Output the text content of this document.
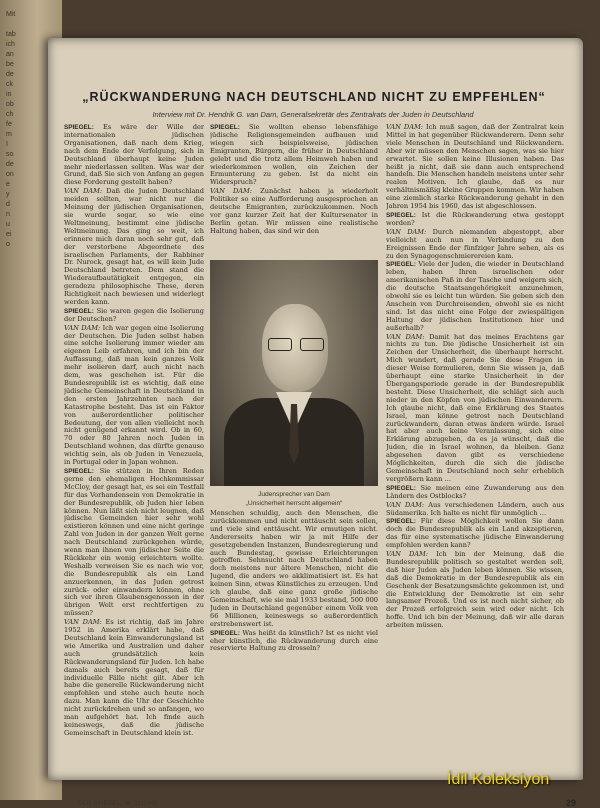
Mit

tab
ich
an
be
de
ck
in
ob
ch
fe
m
I
so
de
on
e
y
d
n
u
ei
o
„RÜCKWANDERUNG NACH DEUTSCHLAND NICHT ZU EMPFEHLEN“
Interview mit Dr. Hendrik G. van Dam, Generalsekretär des Zentralrats der Juden in Deutschland

SPIEGEL: Es wäre der Wille der internationalen jüdischen Organisationen, daß nach dem Krieg, nach dem Ende der Verfolgung, sich in Deutschland überhaupt keine Juden mehr niederlassen sollten. Was war der Grund, daß Sie sich von Anfang an gegen diese Forderung gestellt haben?

VAN DAM: Daß die Juden Deutschland meiden sollten, war nicht nur die Meinung der jüdischen Organisationen, sie wurde sogar, so wie eine Weltmeinung, bestimmt eine jüdische Weltmeinung. Das ging so weit, ich erinnere mich daran noch sehr gut, daß der verstorbene Abgeordnete des israelischen Parlaments, der Rabbiner Dr. Nurock, gesagt hat, es will kein Jude Deutschland betreten. Dem stand die Wiederaufbautätigkeit entgegen, ein geradezu philosophische These, deren Richtigkeit nach bewiesen und widerlegt werden kann.

SPIEGEL: Sie waren gegen die Isolierung der Deutschen?

VAN DAM: Ich war gegen eine Isolierung der Deutschen. Die Juden selbst haben eine solche Isolierung immer wieder am eigenen Leib erfahren, und ich bin der Auffassung, daß man kein ganzes Volk mehr isolieren darf, auch nicht nach dem, was geschehen ist. Für die Bundesrepublik ist es wichtig, daß eine jüdische Gemeinschaft in Deutschland in den ersten Jahrzehnten nach der Katastrophe besteht. Das ist ein Faktor von außerordentlicher politischer Bedeutung, der von allen vielleicht noch nicht genügend erkannt wird. Ob in 60, 70 oder 80 Jahren noch Juden in Deutschland wohnen, das dürfte genauso wichtig sein, als ob Juden in Venezuela, in Portugal oder in Japan wohnen.

SPIEGEL: Sie stützen in Ihren Reden gerne den ehemaligen Hochkommissar McCloy, der gesagt hat, es sei ein Testfall für das Vorhandensein von Demokratie in der Bundesrepublik, ob Juden hier leben können. Nun läßt sich nicht leugnen, daß jüdische Gemeinden hier sehr wohl existieren können und eine nicht geringe Zahl von Juden in der ganzen Welt gerne nach Deutschland zurückgehen würde, wenn man ihnen von jüdischer Seite die Rückkehr ein wenig erleichtern wollte. Weshalb verweisen Sie es nach wie vor, die Bundesrepublik als ein Land anzuerkennen, in das Juden getrost zurück- oder einwandern können, ohne sich vor ihren Glaubensgenossen in der übrigen Welt erst rechtfertigen zu müssen?

VAN DAM: Es ist richtig, daß im Jahre 1952 in Amerika erklärt habe, daß Deutschland kein Einwanderungsland ist wie Amerika und Australien und daher auch grundsätzlich kein Rückwanderungsland für Juden. Ich habe damals auch bereits gesagt, daß für individuelle Fälle nicht gilt. Aber ich habe die generelle Rückwanderung nicht empfohlen und stehe auch heute noch dazu. Man kann die Uhr der Geschichte nicht zurückdrehen und so anfangen, wo man aufgehört hat. Ich finde auch keineswegs, daß die jüdische Gemeinschaft in Deutschland klein ist.

SPIEGEL: Sie wollten ebenso lebensfähige jüdische Religionsgemeinden aufbauen und wiegen sich beispielsweise, jüdischen Emigranten, Bürgern, die früher in Deutschland gelebt und die trotz allem Heimweh haben und wiederkommen wollen, ein Zeichen der Ermunterung zu geben. Ist da nicht ein Widerspruch?

VAN DAM: Zunächst haben ja wiederholt Politiker so eine Aufforderung ausgesprochen an deutsche Emigranten, zurückzukommen. Noch vor ganz kurzer Zeit hat der Kultursenator in Berlin getan. Wir müssen eine realistische Haltung haben, das sind wir den

Menschen schuldig, auch den Menschen, die zurückkommen und nicht enttäuscht sein sollen, und viele sind enttäuscht. Wir ermutigen nicht. Andererseits haben wir ja mit Hilfe der gesetzgebenden Instanzen, Bundesregierung und auch Bundestag, gewisse Erleichterungen getroffen. Sehnsucht nach Deutschland haben doch meistens nur ältere Menschen, nicht die Jugend, die anders wo akklimatisiert ist. Es hat keinen Sinn, etwas Künstliches zu erzeugen. Und ich glaube, daß eine ganz große jüdische Gemeinschaft, wie sie mal 1933 bestand, 500 000 Juden in Deutschland gegenüber einem Volk von 66 Millionen, keineswegs so außerordentlich erstrebenswert ist.

SPIEGEL: Was heißt da künstlich? Ist es nicht viel eher künstlich, die Rückwanderung durch eine reservierte Haltung zu drosseln?

VAN DAM: Ich muß sagen, daß der Zentralrat kein Mittel in hat gegenüber Rückwanderern. Denn sehr viele Menschen in Deutschland und Rückwandern. Aber wir müssen den Menschen sagen, was sie hier erwartet. Sie sollen keine Illusionen haben. Das heißt ja nicht, daß sie dann auch entsprechend handeln. Die Menschen handeln meistens unter sehr realen Motiven. Ich glaube, daß es nur verhältnismäßig kleine Gruppen kommen. Wir haben eine ziemlich starke Rückwanderung gehabt in den Jahren 1954 bis 1960, das ist abgeschlossen.

SPIEGEL: Ist die Rückwanderung etwa gestoppt worden?

VAN DAM: Durch niemanden abgestoppt, aber vielleicht auch nun in Verbindung zu den Ereignissen Ende der fünfziger Jahre sehen, als es zu den Synagogenschmierereien kam.

SPIEGEL: Viele der Juden, die wieder in Deutschland leben, haben Ihren israelischen oder amerikanischen Paß in der Tasche und weigern sich, die deutsche Staatsangehörigkeit anzunehmen, obwohl sie es leicht tun würden. Sie geben sich den Anschein von Durchreisenden, obwohl sie es nicht sind. Ist das nicht eine Folge der zwiespältigen Haltung der jüdischen Institutionen hier und außerhalb?

VAN DAM: Damit hat das meines Erachtens gar nichts zu tun. Die jüdische Unsicherheit ist ein Zeichen der Unsicherheit, die überhaupt herrscht. Mich wundert, daß gerade Sie diese Fragen in dieser Weise formulieren, denn Sie wissen ja, daß überhaupt eine starke Unsicherheit in der Übergangsperiode gerade in der Bundesrepublik besteht. Diese Unsicherheit, die schlägt sich auch nieder in den Köpfen von jüdischen Einwanderern. Ich glaube nicht, daß eine Erklärung des Staates Israel, man könne getrost nach Deutschland zurückwandern, daran etwas ändern würde. Israel hat aber auch keine Veranlassung, sich eine Erklärung abzugeben, da es ja wünscht, daß die Juden, die in Israel wohnen, da bleiben. Ganz abgesehen davon gibt es verschiedene Möglichkeiten, durch die sich die jüdische Gemeinschaft in Deutschland noch sehr erheblich vergrößern kann …

SPIEGEL: Sie meinen eine Zuwanderung aus den Ländern des Ostblocks?

VAN DAM: Aus verschiedenen Ländern, auch aus Südamerika. Ich halte es nicht für unmöglich …

SPIEGEL: Für diese Möglichkeit wollen Sie dann doch die Bundesrepublik als ein Land akzeptieren, das für eine systematische jüdische Einwanderung empfohlen werden kann?

VAN DAM: Ich bin der Meinung, daß die Bundesrepublik politisch so gestaltet werden soll, daß hier Juden als Juden leben können. Sie wissen, daß die Demokratie in der Bundesrepublik als ein Geschenk der Besatzungsmächte gekommen ist, und die Entwicklung der Demokratie ist ein sehr langsamer Prozeß. Und es ist noch nicht sicher, ob der Prozeß erfolgreich sein wird oder nicht. Ich hoffe. Und ich bin der Meinung, daß wir alle daran arbeiten müssen.

Judensprecher van Dam
„Unsicherheit herrscht allgemein“
DER SPIEGEL, Nr. 31/1965	29
İdil Koleksiyon
